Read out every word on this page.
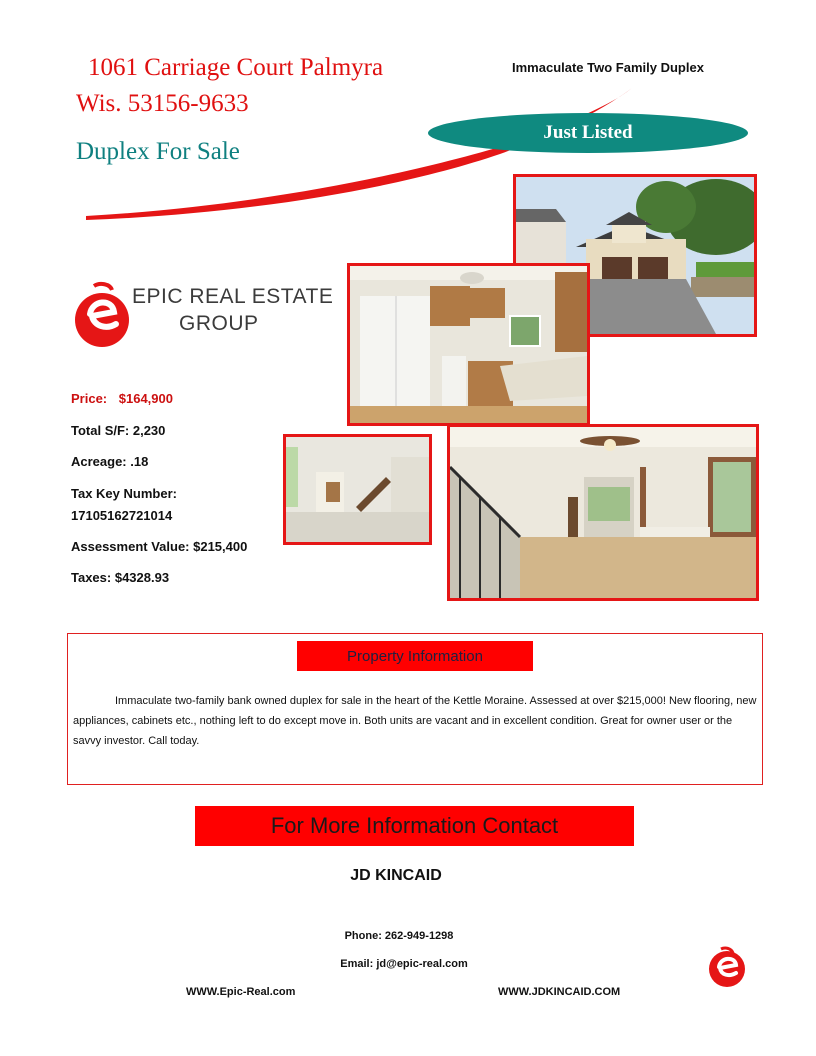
1061 Carriage Court Palmyra
Wis. 53156-9633
Duplex For Sale
Immaculate Two Family Duplex
Just Listed
EPIC REAL ESTATE
GROUP
Price: $164,900
Total S/F: 2,230
Acreage: .18
Tax Key Number:
17105162721014
Assessment Value: $215,400
Taxes: $4328.93
Property Information
Immaculate two-family bank owned duplex for sale in the heart of the Kettle Moraine. Assessed at over $215,000! New flooring, new appliances, cabinets etc., nothing left to do except move in. Both units are vacant and in excellent condition. Great for owner user or the savvy investor. Call today.
For More Information Contact
JD KINCAID
Phone: 262-949-1298
Email: jd@epic-real.com
WWW.Epic-Real.com	WWW.JDKINCAID.COM
